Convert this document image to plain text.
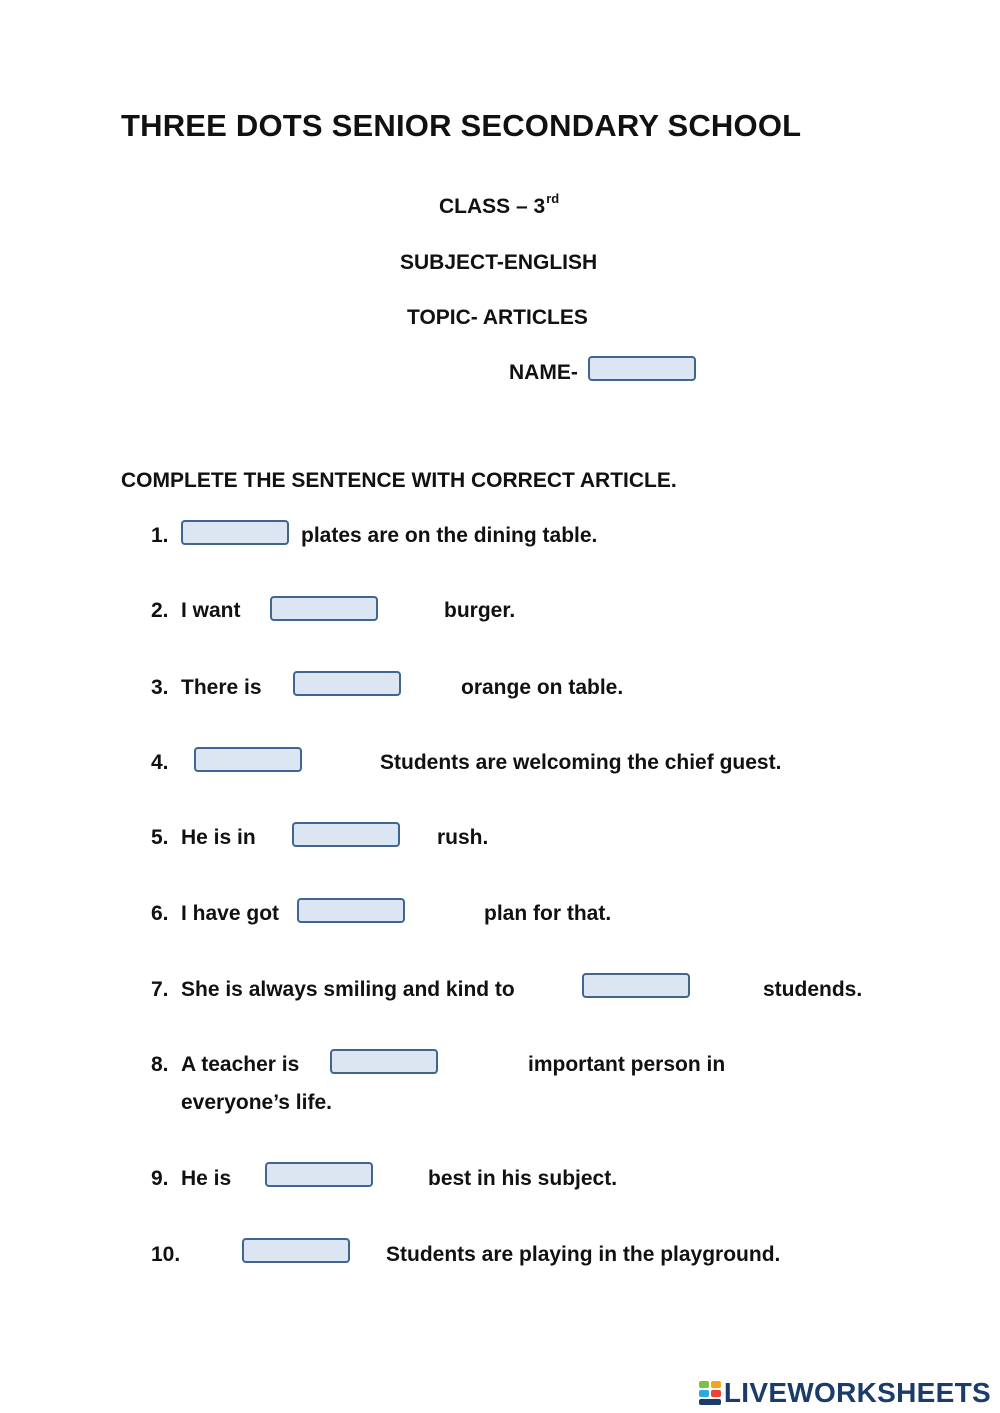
THREE DOTS SENIOR SECONDARY SCHOOL
CLASS – 3rd
SUBJECT-ENGLISH
TOPIC- ARTICLES
NAME-
COMPLETE THE SENTENCE WITH CORRECT ARTICLE.
1.	plates are on the dining table.
2. I want	burger.
3. There is	orange on table.
4.	Students are welcoming the chief guest.
5. He is in	rush.
6. I have got	plan for that.
7. She is always smiling and kind to	studends.
8. A teacher is	important person in
everyone’s life.
9. He is	best in his subject.
10.	Students are playing in the playground.
LIVEWORKSHEETS
